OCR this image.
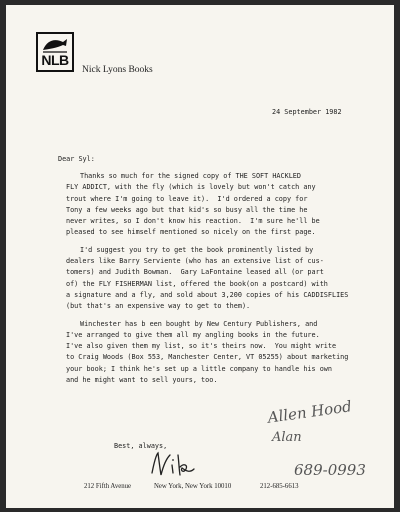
NLB
Nick Lyons Books
24 September 1982
Dear Syl:
Thanks so much for the signed copy of THE SOFT HACKLED
FLY ADDICT, with the fly (which is lovely but won't catch any
trout where I'm going to leave it).  I'd ordered a copy for
Tony a few weeks ago but that kid's so busy all the time he
never writes, so I don't know his reaction.  I'm sure he'll be
pleased to see himself mentioned so nicely on the first page.
I'd suggest you try to get the book prominently listed by
dealers like Barry Serviente (who has an extensive list of cus-
tomers) and Judith Bowman.  Gary LaFontaine leased all (or part
of) the FLY FISHERMAN list, offered the book(on a postcard) with
a signature and a fly, and sold about 3,200 copies of his CADDISFLIES
(but that's an expensive way to get to them).
Winchester has b een bought by New Century Publishers, and
I've arranged to give them all my angling books in the future.
I've also given them my list, so it's theirs now.  You might write
to Craig Woods (Box 553, Manchester Center, VT 05255) about marketing
your book; I think he's set up a little company to handle his own
and he might want to sell yours, too.
Allen Hood
Alan
689-0993
Best, always,
212 Fifth Avenue	New York, New York 10010	212-685-6613
